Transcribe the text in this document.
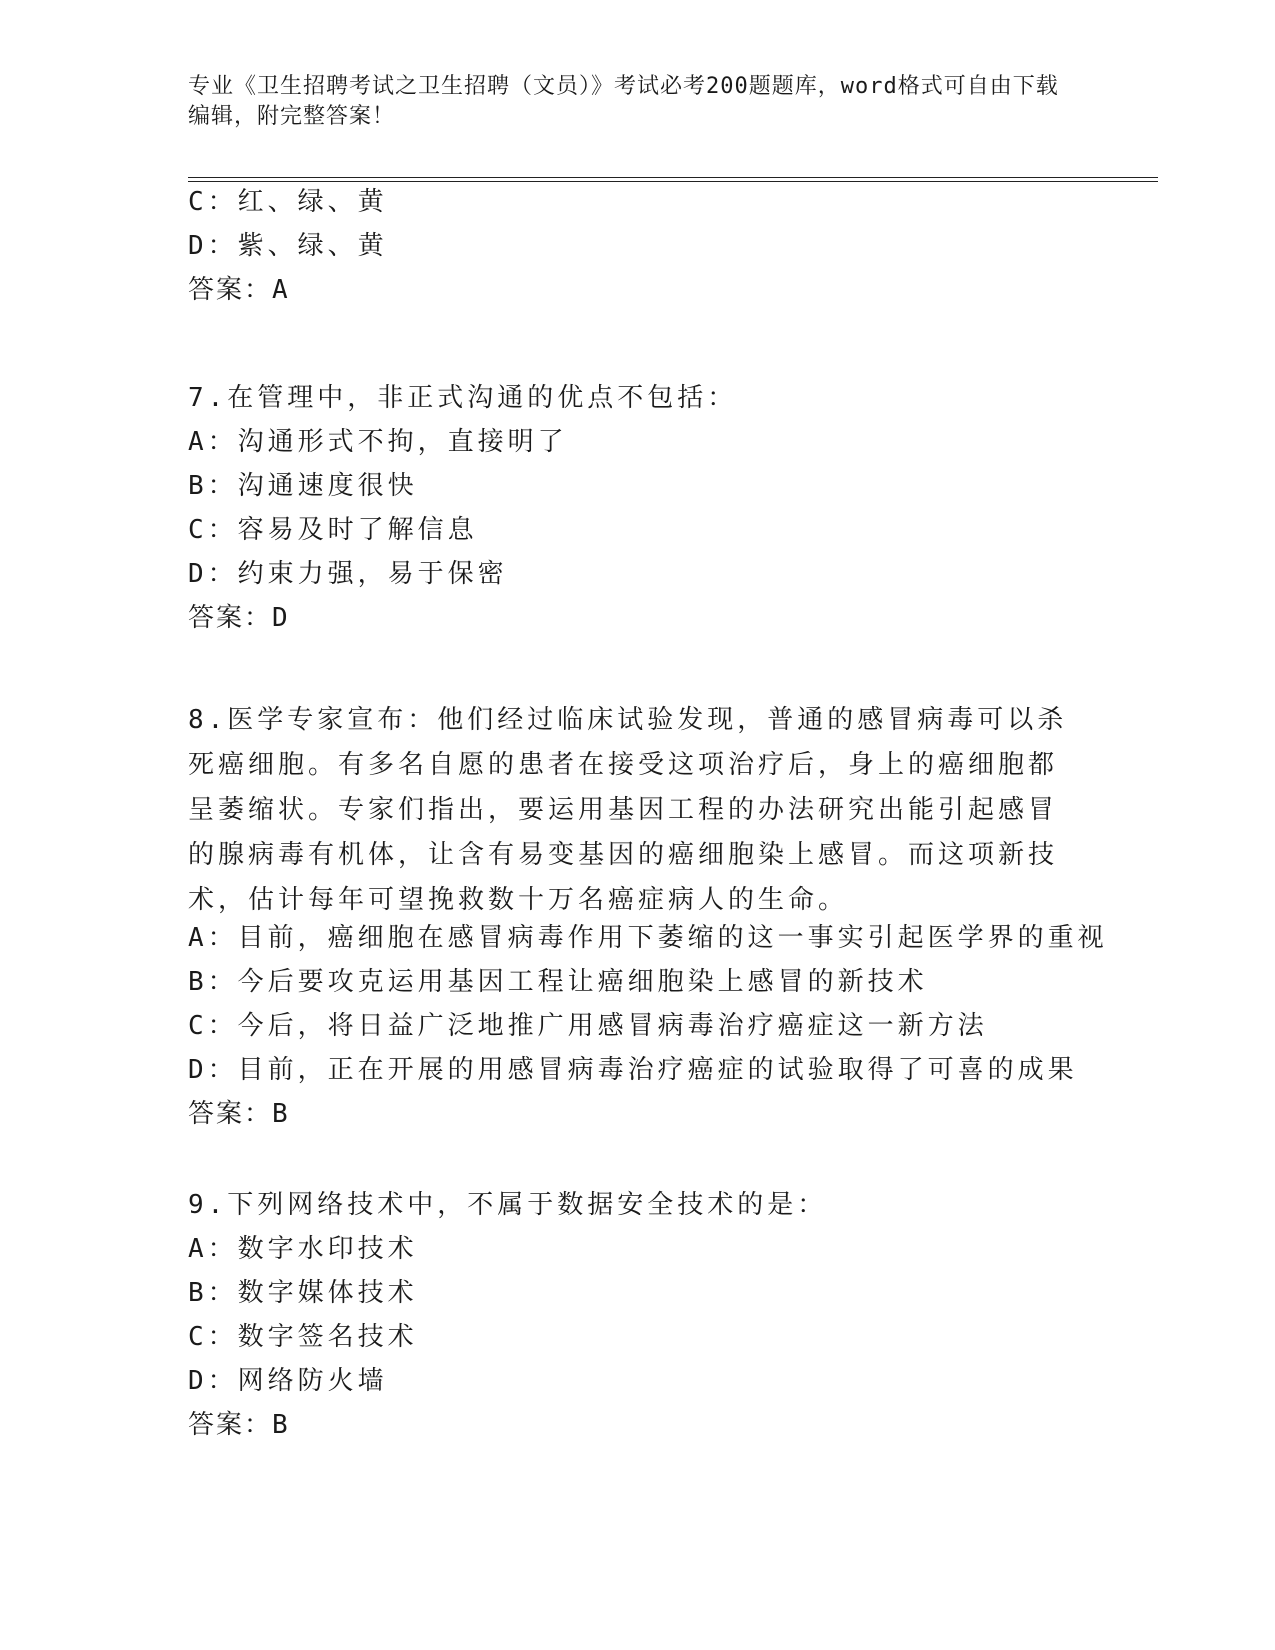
专业《卫生招聘考试之卫生招聘（文员）》考试必考200题题库，word格式可自由下载编辑，附完整答案！
C：红、绿、黄
D：紫、绿、黄
答案：A
7.在管理中，非正式沟通的优点不包括：
A：沟通形式不拘，直接明了
B：沟通速度很快
C：容易及时了解信息
D：约束力强，易于保密
答案：D
8.医学专家宣布：他们经过临床试验发现，普通的感冒病毒可以杀死癌细胞。有多名自愿的患者在接受这项治疗后，身上的癌细胞都呈萎缩状。专家们指出，要运用基因工程的办法研究出能引起感冒的腺病毒有机体，让含有易变基因的癌细胞染上感冒。而这项新技术，估计每年可望挽救数十万名癌症病人的生命。
A：目前，癌细胞在感冒病毒作用下萎缩的这一事实引起医学界的重视
B：今后要攻克运用基因工程让癌细胞染上感冒的新技术
C：今后，将日益广泛地推广用感冒病毒治疗癌症这一新方法
D：目前，正在开展的用感冒病毒治疗癌症的试验取得了可喜的成果
答案：B
9.下列网络技术中，不属于数据安全技术的是：
A：数字水印技术
B：数字媒体技术
C：数字签名技术
D：网络防火墙
答案：B
